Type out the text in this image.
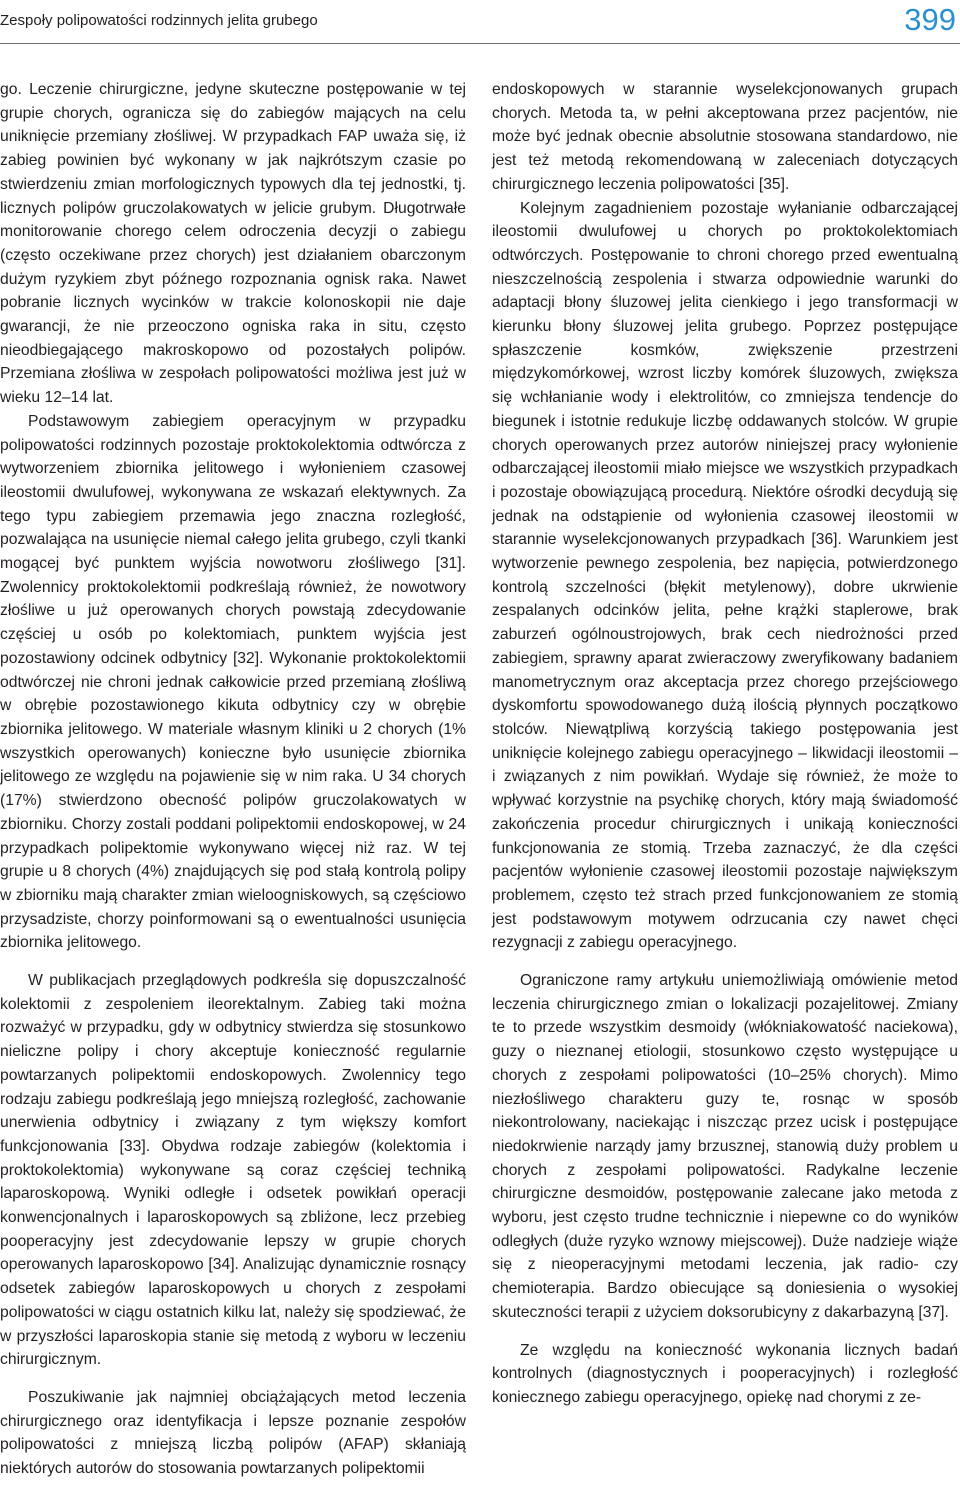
Zespoły polipowatości rodzinnych jelita grubego	399

go. Leczenie chirurgiczne, jedyne skuteczne postępowanie w tej grupie chorych, ogranicza się do zabiegów mających na celu uniknięcie przemiany złośliwej. W przypadkach FAP uważa się, iż zabieg powinien być wykonany w jak najkrótszym czasie po stwierdzeniu zmian morfologicznych typowych dla tej jednostki, tj. licznych polipów gruczolakowatych w jelicie grubym. Długotrwałe monitorowanie chorego celem odroczenia decyzji o zabiegu (często oczekiwane przez chorych) jest działaniem obarczonym dużym ryzykiem zbyt późnego rozpoznania ognisk raka. Nawet pobranie licznych wycinków w trakcie kolonoskopii nie daje gwarancji, że nie przeoczono ogniska raka in situ, często nieodbiegającego makroskopowo od pozostałych polipów. Przemiana złośliwa w zespołach polipowatości możliwa jest już w wieku 12–14 lat.

Podstawowym zabiegiem operacyjnym w przypadku polipowatości rodzinnych pozostaje proktokolektomia odtwórcza z wytworzeniem zbiornika jelitowego i wyłonieniem czasowej ileostomii dwulufowej, wykonywana ze wskazań elektywnych. Za tego typu zabiegiem przemawia jego znaczna rozległość, pozwalająca na usunięcie niemal całego jelita grubego, czyli tkanki mogącej być punktem wyjścia nowotworu złośliwego [31]. Zwolennicy proktokolektomii podkreślają również, że nowotwory złośliwe u już operowanych chorych powstają zdecydowanie częściej u osób po kolektomiach, punktem wyjścia jest pozostawiony odcinek odbytnicy [32]. Wykonanie proktokolektomii odtwórczej nie chroni jednak całkowicie przed przemianą złośliwą w obrębie pozostawionego kikuta odbytnicy czy w obrębie zbiornika jelitowego. W materiale własnym kliniki u 2 chorych (1% wszystkich operowanych) konieczne było usunięcie zbiornika jelitowego ze względu na pojawienie się w nim raka. U 34 chorych (17%) stwierdzono obecność polipów gruczolakowatych w zbiorniku. Chorzy zostali poddani polipektomii endoskopowej, w 24 przypadkach polipektomie wykonywano więcej niż raz. W tej grupie u 8 chorych (4%) znajdujących się pod stałą kontrolą polipy w zbiorniku mają charakter zmian wieloogniskowych, są częściowo przysadziste, chorzy poinformowani są o ewentualności usunięcia zbiornika jelitowego.

W publikacjach przeglądowych podkreśla się dopuszczalność kolektomii z zespoleniem ileorektalnym. Zabieg taki można rozważyć w przypadku, gdy w odbytnicy stwierdza się stosunkowo nieliczne polipy i chory akceptuje konieczność regularnie powtarzanych polipektomii endoskopowych. Zwolennicy tego rodzaju zabiegu podkreślają jego mniejszą rozległość, zachowanie unerwienia odbytnicy i związany z tym większy komfort funkcjonowania [33]. Obydwa rodzaje zabiegów (kolektomia i proktokolektomia) wykonywane są coraz częściej techniką laparoskopową. Wyniki odległe i odsetek powikłań operacji konwencjonalnych i laparoskopowych są zbliżone, lecz przebieg pooperacyjny jest zdecydowanie lepszy w grupie chorych operowanych laparoskopowo [34]. Analizując dynamicznie rosnący odsetek zabiegów laparoskopowych u chorych z zespołami polipowatości w ciągu ostatnich kilku lat, należy się spodziewać, że w przyszłości laparoskopia stanie się metodą z wyboru w leczeniu chirurgicznym.

Poszukiwanie jak najmniej obciążających metod leczenia chirurgicznego oraz identyfikacja i lepsze poznanie zespołów polipowatości z mniejszą liczbą polipów (AFAP) skłaniają niektórych autorów do stosowania powtarzanych polipektomii

endoskopowych w starannie wyselekcjonowanych grupach chorych. Metoda ta, w pełni akceptowana przez pacjentów, nie może być jednak obecnie absolutnie stosowana standardowo, nie jest też metodą rekomendowaną w zaleceniach dotyczących chirurgicznego leczenia polipowatości [35].

Kolejnym zagadnieniem pozostaje wyłanianie odbarczającej ileostomii dwulufowej u chorych po proktokolektomiach odtwórczych. Postępowanie to chroni chorego przed ewentualną nieszczelnością zespolenia i stwarza odpowiednie warunki do adaptacji błony śluzowej jelita cienkiego i jego transformacji w kierunku błony śluzowej jelita grubego. Poprzez postępujące spłaszczenie kosmków, zwiększenie przestrzeni międzykomórkowej, wzrost liczby komórek śluzowych, zwiększa się wchłanianie wody i elektrolitów, co zmniejsza tendencje do biegunek i istotnie redukuje liczbę oddawanych stolców. W grupie chorych operowanych przez autorów niniejszej pracy wyłonienie odbarczającej ileostomii miało miejsce we wszystkich przypadkach i pozostaje obowiązującą procedurą. Niektóre ośrodki decydują się jednak na odstąpienie od wyłonienia czasowej ileostomii w starannie wyselekcjonowanych przypadkach [36]. Warunkiem jest wytworzenie pewnego zespolenia, bez napięcia, potwierdzonego kontrolą szczelności (błękit metylenowy), dobre ukrwienie zespalanych odcinków jelita, pełne krążki staplerowe, brak zaburzeń ogólnoustrojowych, brak cech niedrożności przed zabiegiem, sprawny aparat zwieraczowy zweryfikowany badaniem manometrycznym oraz akceptacja przez chorego przejściowego dyskomfortu spowodowanego dużą ilością płynnych początkowo stolców. Niewątpliwą korzyścią takiego postępowania jest uniknięcie kolejnego zabiegu operacyjnego – likwidacji ileostomii – i związanych z nim powikłań. Wydaje się również, że może to wpływać korzystnie na psychikę chorych, który mają świadomość zakończenia procedur chirurgicznych i unikają konieczności funkcjonowania ze stomią. Trzeba zaznaczyć, że dla części pacjentów wyłonienie czasowej ileostomii pozostaje największym problemem, często też strach przed funkcjonowaniem ze stomią jest podstawowym motywem odrzucania czy nawet chęci rezygnacji z zabiegu operacyjnego.

Ograniczone ramy artykułu uniemożliwiają omówienie metod leczenia chirurgicznego zmian o lokalizacji pozajelitowej. Zmiany te to przede wszystkim desmoidy (włókniakowatość naciekowa), guzy o nieznanej etiologii, stosunkowo często występujące u chorych z zespołami polipowatości (10–25% chorych). Mimo niezłośliwego charakteru guzy te, rosnąc w sposób niekontrolowany, naciekając i niszcząc przez ucisk i postępujące niedokrwienie narządy jamy brzusznej, stanowią duży problem u chorych z zespołami polipowatości. Radykalne leczenie chirurgiczne desmoidów, postępowanie zalecane jako metoda z wyboru, jest często trudne technicznie i niepewne co do wyników odległych (duże ryzyko wznowy miejscowej). Duże nadzieje wiąże się z nieoperacyjnymi metodami leczenia, jak radio- czy chemioterapia. Bardzo obiecujące są doniesienia o wysokiej skuteczności terapii z użyciem doksorubicyny z dakarbazyną [37].

Ze względu na konieczność wykonania licznych badań kontrolnych (diagnostycznych i pooperacyjnych) i rozległość koniecznego zabiegu operacyjnego, opiekę nad chorymi z ze-
